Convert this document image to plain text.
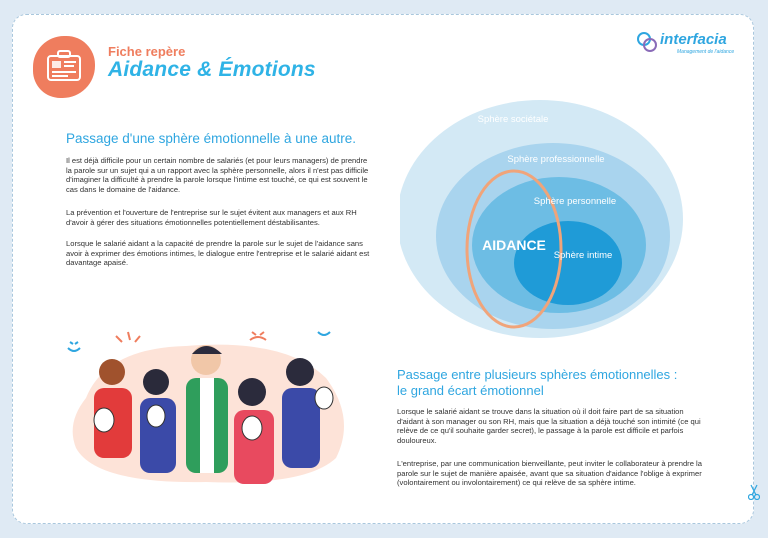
Fiche repère
Aidance & Émotions
interfacia
Management de l'aidance
Passage d'une sphère émotionnelle à une autre.

Il est déjà difficile pour un certain nombre de salariés (et pour leurs managers) de prendre la parole sur un sujet qui a un rapport avec la sphère personnelle, alors il n'est pas difficile d'imaginer la difficulté à prendre la parole lorsque l'intime est touché, ce qui est souvent le cas dans le domaine de l'aidance.

La prévention et l'ouverture de l'entreprise sur le sujet évitent aux managers et aux RH d'avoir à gérer des situations émotionnelles potentiellement déstabilisantes.

Lorsque le salarié aidant a la capacité de prendre la parole sur le sujet de l'aidance sans avoir à exprimer des émotions intimes, le dialogue entre l'entreprise et le salarié aidant est davantage apaisé.

Sphère sociétale
Sphère professionnelle
Sphère personnelle
Sphère intime
AIDANCE
Passage entre plusieurs sphères émotionnelles :
le grand écart émotionnel

Lorsque le salarié aidant se trouve dans la situation où il doit faire part de sa situation d'aidant à son manager ou son RH, mais que la situation a déjà touché son intimité (ce qui relève de ce qu'il souhaite garder secret), le passage à la parole est difficile et parfois douloureux.

L'entreprise, par une communication bienveillante, peut inviter le collaborateur à prendre la parole sur le sujet de manière apaisée, avant que sa situation d'aidance l'oblige à exprimer (volontairement ou involontairement) ce qui relève de sa sphère intime.
